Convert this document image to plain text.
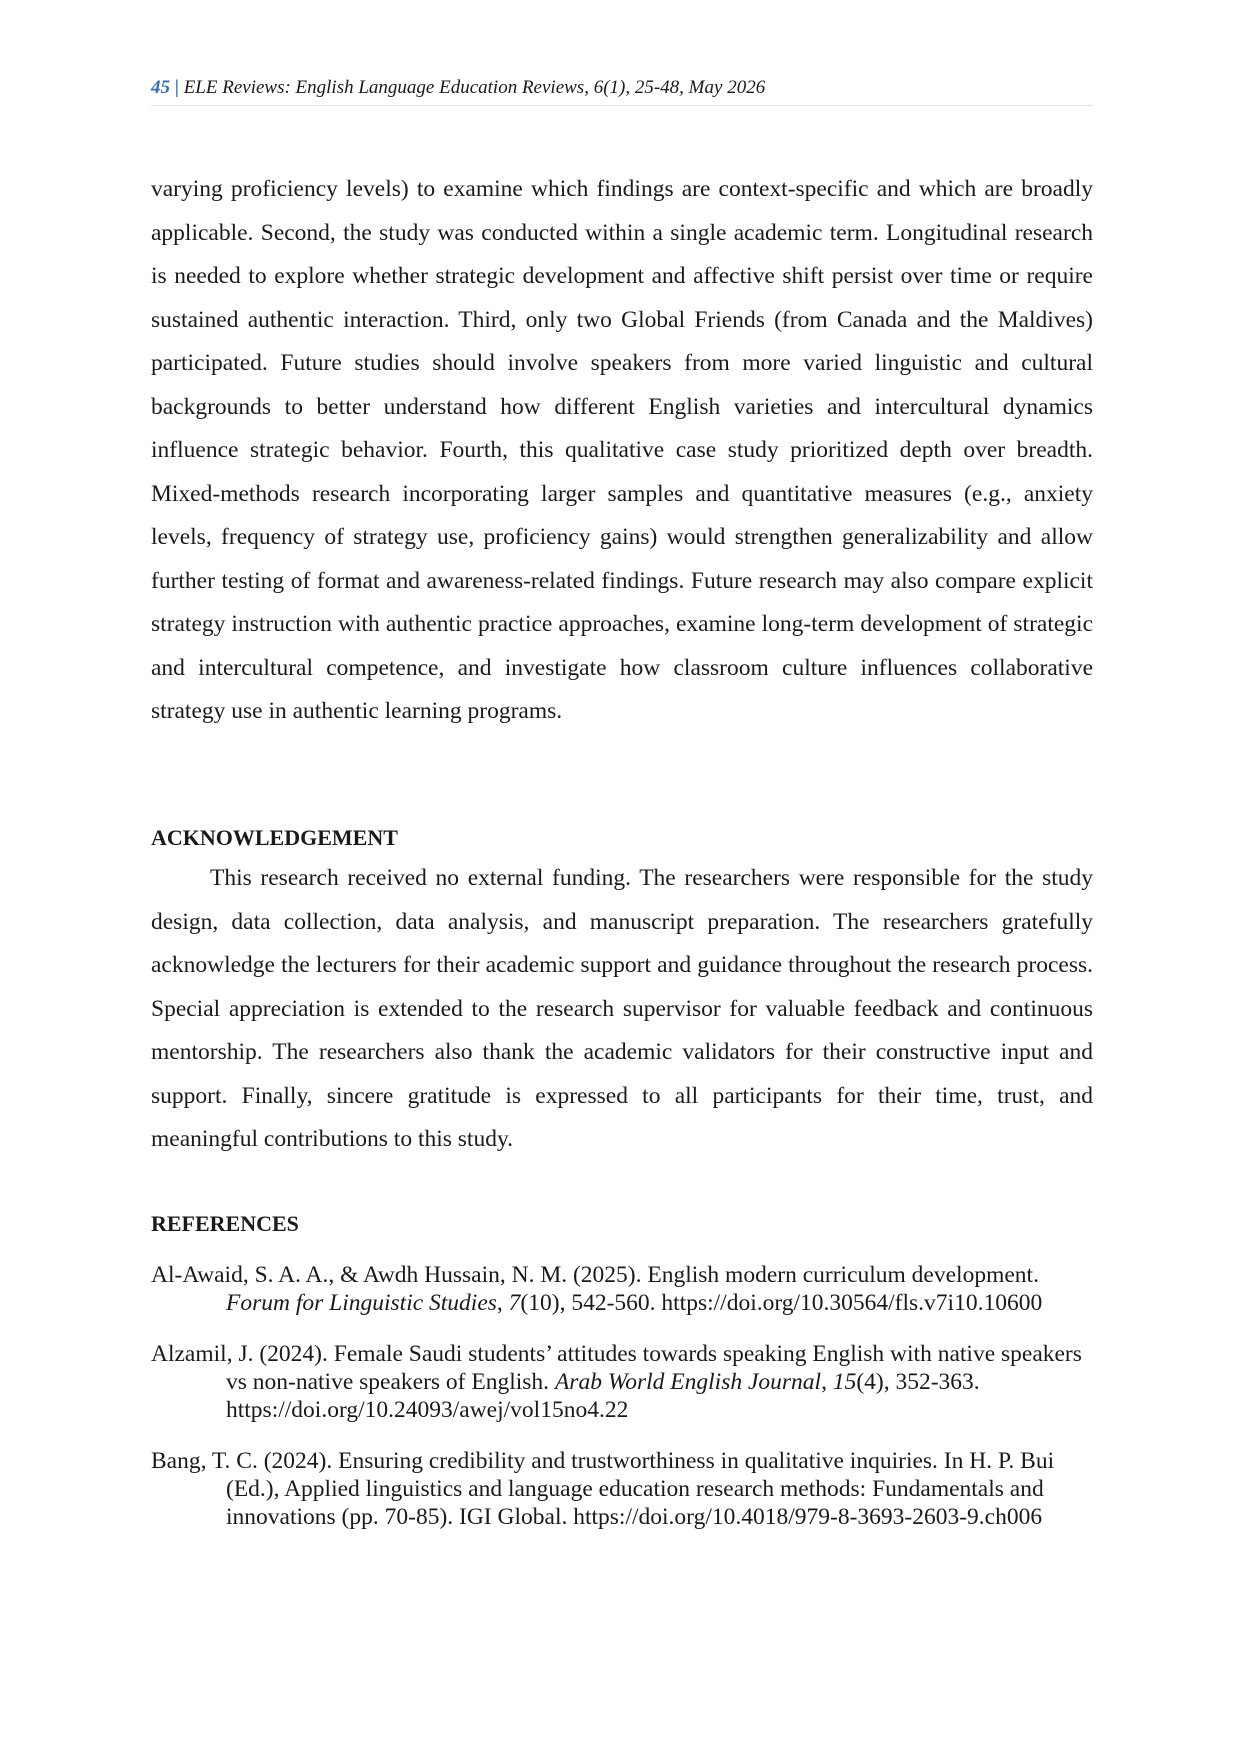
45 | ELE Reviews: English Language Education Reviews, 6(1), 25-48, May 2026

varying proficiency levels) to examine which findings are context-specific and which are broadly applicable. Second, the study was conducted within a single academic term. Longitudinal research is needed to explore whether strategic development and affective shift persist over time or require sustained authentic interaction. Third, only two Global Friends (from Canada and the Maldives) participated. Future studies should involve speakers from more varied linguistic and cultural backgrounds to better understand how different English varieties and intercultural dynamics influence strategic behavior. Fourth, this qualitative case study prioritized depth over breadth. Mixed-methods research incorporating larger samples and quantitative measures (e.g., anxiety levels, frequency of strategy use, proficiency gains) would strengthen generalizability and allow further testing of format and awareness-related findings. Future research may also compare explicit strategy instruction with authentic practice approaches, examine long-term development of strategic and intercultural competence, and investigate how classroom culture influences collaborative strategy use in authentic learning programs.

ACKNOWLEDGEMENT

This research received no external funding. The researchers were responsible for the study design, data collection, data analysis, and manuscript preparation. The researchers gratefully acknowledge the lecturers for their academic support and guidance throughout the research process. Special appreciation is extended to the research supervisor for valuable feedback and continuous mentorship. The researchers also thank the academic validators for their constructive input and support. Finally, sincere gratitude is expressed to all participants for their time, trust, and meaningful contributions to this study.

REFERENCES
Al-Awaid, S. A. A., & Awdh Hussain, N. M. (2025). English modern curriculum development. Forum for Linguistic Studies, 7(10), 542-560. https://doi.org/10.30564/fls.v7i10.10600
Alzamil, J. (2024). Female Saudi students’ attitudes towards speaking English with native speakers vs non-native speakers of English. Arab World English Journal, 15(4), 352-363. https://doi.org/10.24093/awej/vol15no4.22
Bang, T. C. (2024). Ensuring credibility and trustworthiness in qualitative inquiries. In H. P. Bui (Ed.), Applied linguistics and language education research methods: Fundamentals and innovations (pp. 70-85). IGI Global. https://doi.org/10.4018/979-8-3693-2603-9.ch006
